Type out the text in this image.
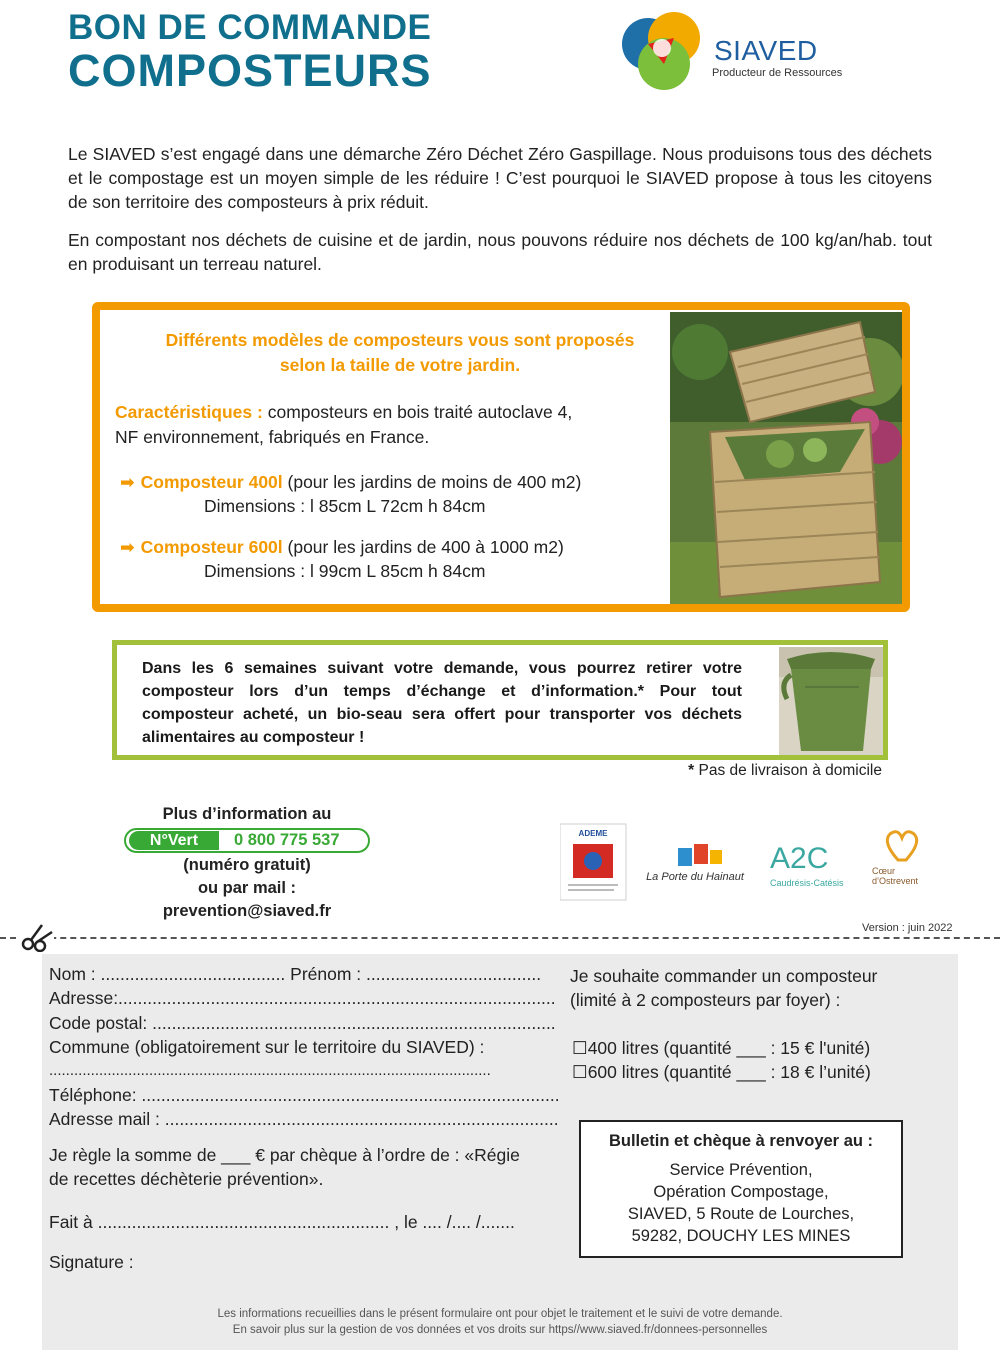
BON DE COMMANDE
COMPOSTEURS	SIAVED
Producteur de Ressources

Le SIAVED s’est engagé dans une démarche Zéro Déchet Zéro Gaspillage. Nous produisons tous des déchets et le compostage est un moyen simple de les réduire ! C’est pourquoi le SIAVED propose à tous les citoyens de son territoire des composteurs à prix réduit.

En compostant nos déchets de cuisine et de jardin, nous pouvons réduire nos déchets de 100 kg/an/hab. tout en produisant un terreau naturel.

Différents modèles de composteurs vous sont proposés
selon la taille de votre jardin.
Caractéristiques : composteurs en bois traité autoclave 4,
NF environnement, fabriqués en France.
➡ Composteur 400l (pour les jardins de moins de 400 m2)
Dimensions : l 85cm L 72cm h 84cm
➡ Composteur 600l (pour les jardins de 400 à 1000 m2)
Dimensions : l 99cm L 85cm h 84cm

Dans les 6 semaines suivant votre demande, vous pourrez retirer votre composteur lors d’un temps d’échange et d’information.* Pour tout composteur acheté, un bio-seau sera offert pour transporter vos déchets alimentaires au composteur !

* Pas de livraison à domicile
Plus d’information au
N°Vert	0 800 775 537
(numéro gratuit)
ou par mail :
prevention@siaved.fr
ADEME
La Porte du Hainaut
A2C
Caudrésis-Catésis
Cœur
d’Ostrevent
Version : juin 2022
Nom : ...................................... Prénom : ....................................
Adresse:..........................................................................................
Code postal: ...................................................................................
Commune (obligatoirement sur le territoire du SIAVED) :
..........................................................................................................
Téléphone: ......................................................................................
Adresse mail : .................................................................................
Je règle la somme de ___ € par chèque à l’ordre de : «Régie
de recettes déchèterie prévention».
Fait à ............................................................ , le .... /.... /.......
Signature :
Je souhaite commander un composteur
(limité à 2 composteurs par foyer) :
☐400 litres (quantité ___ : 15 € l'unité)
☐600 litres (quantité ___ : 18 € l’unité)
Bulletin et chèque à renvoyer au :
Service Prévention,
Opération Compostage,
SIAVED, 5 Route de Lourches,
59282, DOUCHY LES MINES
Les informations recueillies dans le présent formulaire ont pour objet le traitement et le suivi de votre demande.
En savoir plus sur la gestion de vos données et vos droits sur https//www.siaved.fr/donnees-personnelles
